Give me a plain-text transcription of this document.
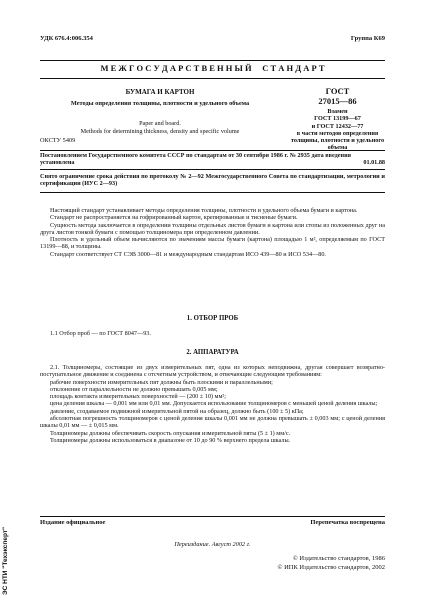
УДК 676.4:006.354	Группа К69
М Е Ж Г О С У Д А Р С Т В Е Н Н Ы Й     С Т А Н Д А Р Т
БУМАГА И КАРТОН
Методы определения толщины, плотности и удельного объема
Paper and board.
Methods for determining thickness, density and specific volume
ОКСТУ 5409
ГОСТ
27015—86
Взамен
ГОСТ 13199—67
и ГОСТ 12432—77
в части методов определения
толщины, плотности и удельного
объема

Постановлением Государственного комитета СССР по стандартам от 30 сентября 1986 г. № 2935 дата введения установлена	01.01.88

Снято ограничение срока действия по протоколу № 2—92 Межгосударственного Совета по стандартизации, метрологии и сертификации (ИУС 2—93)

Настоящий стандарт устанавливает методы определения толщины, плотности и удельного объема бумаги и картона.

Стандарт не распространяется на гофрированный картон, крепированные и тисненые бумаги.

Сущность метода заключается в определении толщины отдельных листов бумаги и картона или стопы из положенных друг на друга листов тонкой бумаги с помощью толщиномера при определенном давлении.

Плотность и удельный объем вычисляются по значениям массы бумаги (картона) площадью 1 м², определяемым по ГОСТ 13199—88, и толщины.

Стандарт соответствует СТ СЭВ 3000—81 и международным стандартам ИСО 439—80 и ИСО 534—80.

1. ОТБОР ПРОБ

1.1 Отбор проб — по ГОСТ 8047—93.

2. АППАРАТУРА

2.1. Толщиномеры, состоящие из двух измерительных пят, одна из которых неподвижна, другая совершает возвратно-поступательное движение и соединена с отсчетным устройством, и отвечающие следующим требованиям:

рабочие поверхности измерительных пят должны быть плоскими и параллельными;

отклонение от параллельности не должно превышать 0,005 мм;

площадь контакта измерительных поверхностей — (200 ± 10) мм²;

цена деления шкалы — 0,001 мм или 0,01 мм. Допускается использование толщиномеров с меньшей ценой деления шкалы;

давление, создаваемое подвижной измерительной пятой на образец, должно быть (100 ± 5) кПа;

абсолютная погрешность толщиномеров с ценой деления шкалы 0,001 мм не должна превышать ± 0,003 мм; с ценой деления шкалы 0,01 мм — ± 0,015 мм.

Толщиномеры должны обеспечивать скорость опускания измерительной пяты (5 ± 1) мм/с.

Толщиномеры должны использоваться в диапазоне от 10 до 90 % верхнего предела шкалы.

Издание официальное	Перепечатка воспрещена
Переиздание. Август 2002 г.
© Издательство стандартов, 1986
© ИПК Издательство стандартов, 2002
ЭС НТИ "Техэксперт"
